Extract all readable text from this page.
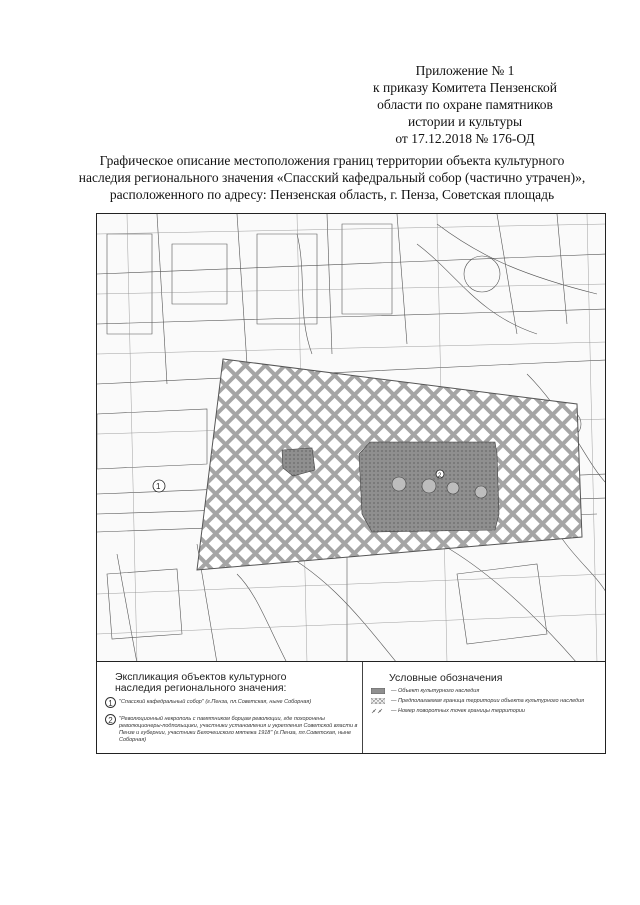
Приложение № 1
к приказу Комитета Пензенской
области по охране памятников
истории и культуры
от 17.12.2018 № 176-ОД
Графическое описание местоположения границ территории объекта культурного
наследия регионального значения «Спасский кафедральный собор (частично утрачен)»,
расположенного по адресу: Пензенская область, г. Пенза, Советская площадь
1
2
Экспликация объектов культурного
наследия регионального значения:
1	"Спасский кафедральный собор" (г.Пенза, пл.Советская, ныне Соборная)
2	"Революционный некрополь с памятником борцам революции, где похоронены революционеры-подпольщики, участники установления и укрепления Советской власти в Пензе и губернии, участники Белочешского мятежа 1918" (г.Пенза, пл.Советская, ныне Соборная)
Условные обозначения
— Объект культурного наследия
— Предполагаемая граница территории объекта культурного наследия
— Номер поворотных точек границы территории
